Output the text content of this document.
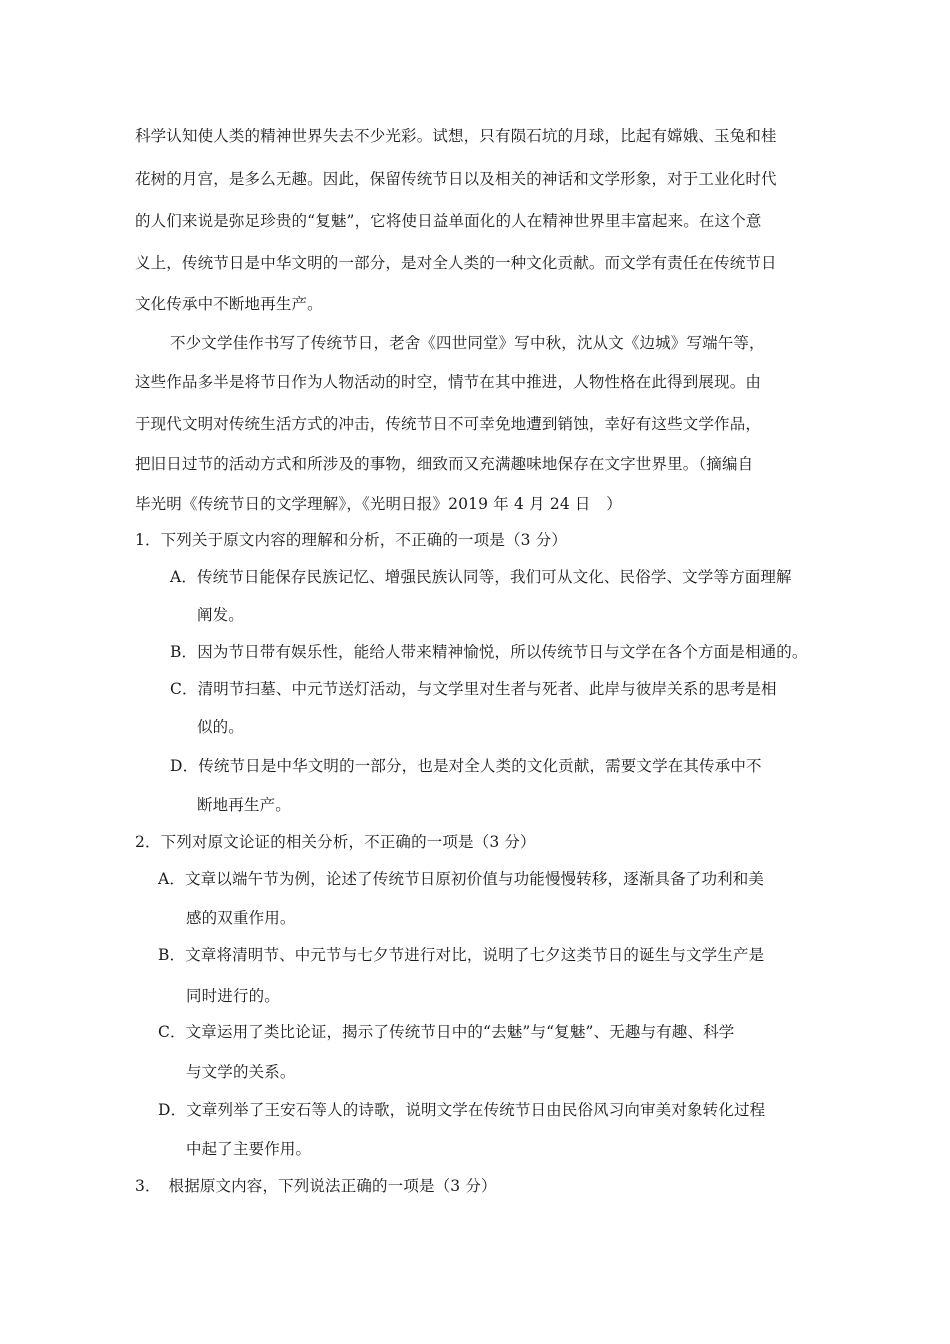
科学认知使人类的精神世界失去不少光彩。试想，只有陨石坑的月球，比起有嫦娥、玉兔和桂
花树的月宫，是多么无趣。因此，保留传统节日以及相关的神话和文学形象，对于工业化时代
的人们来说是弥足珍贵的“复魅”，它将使日益单面化的人在精神世界里丰富起来。在这个意
义上，传统节日是中华文明的一部分，是对全人类的一种文化贡献。而文学有责任在传统节日
文化传承中不断地再生产。
不少文学佳作书写了传统节日，老舍《四世同堂》写中秋，沈从文《边城》写端午等，
这些作品多半是将节日作为人物活动的时空，情节在其中推进，人物性格在此得到展现。由
于现代文明对传统生活方式的冲击，传统节日不可幸免地遭到销蚀，幸好有这些文学作品，
把旧日过节的活动方式和所涉及的事物，细致而又充满趣味地保存在文字世界里。（摘编自
毕光明《传统节日的文学理解》，《光明日报》2019 年 4 月 24 日　）
1．下列关于原文内容的理解和分析，不正确的一项是（3 分）
A．传统节日能保存民族记忆、增强民族认同等，我们可从文化、民俗学、文学等方面理解
阐发。
B．因为节日带有娱乐性，能给人带来精神愉悦，所以传统节日与文学在各个方面是相通的。
C．清明节扫墓、中元节送灯活动，与文学里对生者与死者、此岸与彼岸关系的思考是相
似的。
D．传统节日是中华文明的一部分，也是对全人类的文化贡献，需要文学在其传承中不
断地再生产。
2．下列对原文论证的相关分析，不正确的一项是（3 分）
A．文章以端午节为例，论述了传统节日原初价值与功能慢慢转移，逐渐具备了功利和美
感的双重作用。
B．文章将清明节、中元节与七夕节进行对比，说明了七夕这类节日的诞生与文学生产是
同时进行的。
C．文章运用了类比论证，揭示了传统节日中的“去魅”与“复魅”、无趣与有趣、科学
与文学的关系。
D．文章列举了王安石等人的诗歌，说明文学在传统节日由民俗风习向审美对象转化过程
中起了主要作用。
3．　根据原文内容，下列说法正确的一项是（3 分）
